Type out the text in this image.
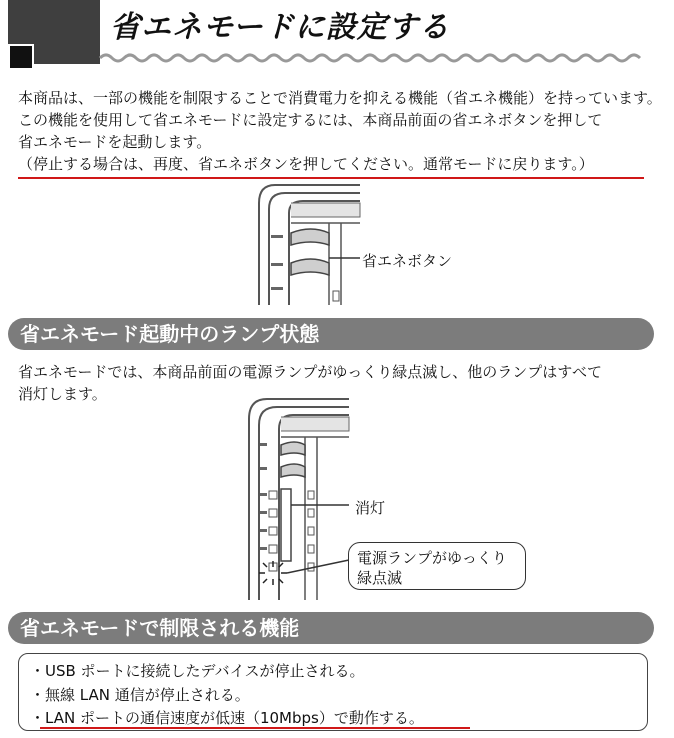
省エネモードに設定する
本商品は、一部の機能を制限することで消費電力を抑える機能（省エネ機能）を持っています。
この機能を使用して省エネモードに設定するには、本商品前面の省エネボタンを押して
省エネモードを起動します。
（停止する場合は、再度、省エネボタンを押してください。通常モードに戻ります。）
省エネボタン
省エネモード起動中のランプ状態
省エネモードでは、本商品前面の電源ランプがゆっくり緑点滅し、他のランプはすべて
消灯します。
消灯
電源ランプがゆっくり
緑点滅
省エネモードで制限される機能
・USB ポートに接続したデバイスが停止される。
・無線 LAN 通信が停止される。
・LAN ポートの通信速度が低速（10Mbps）で動作する。
